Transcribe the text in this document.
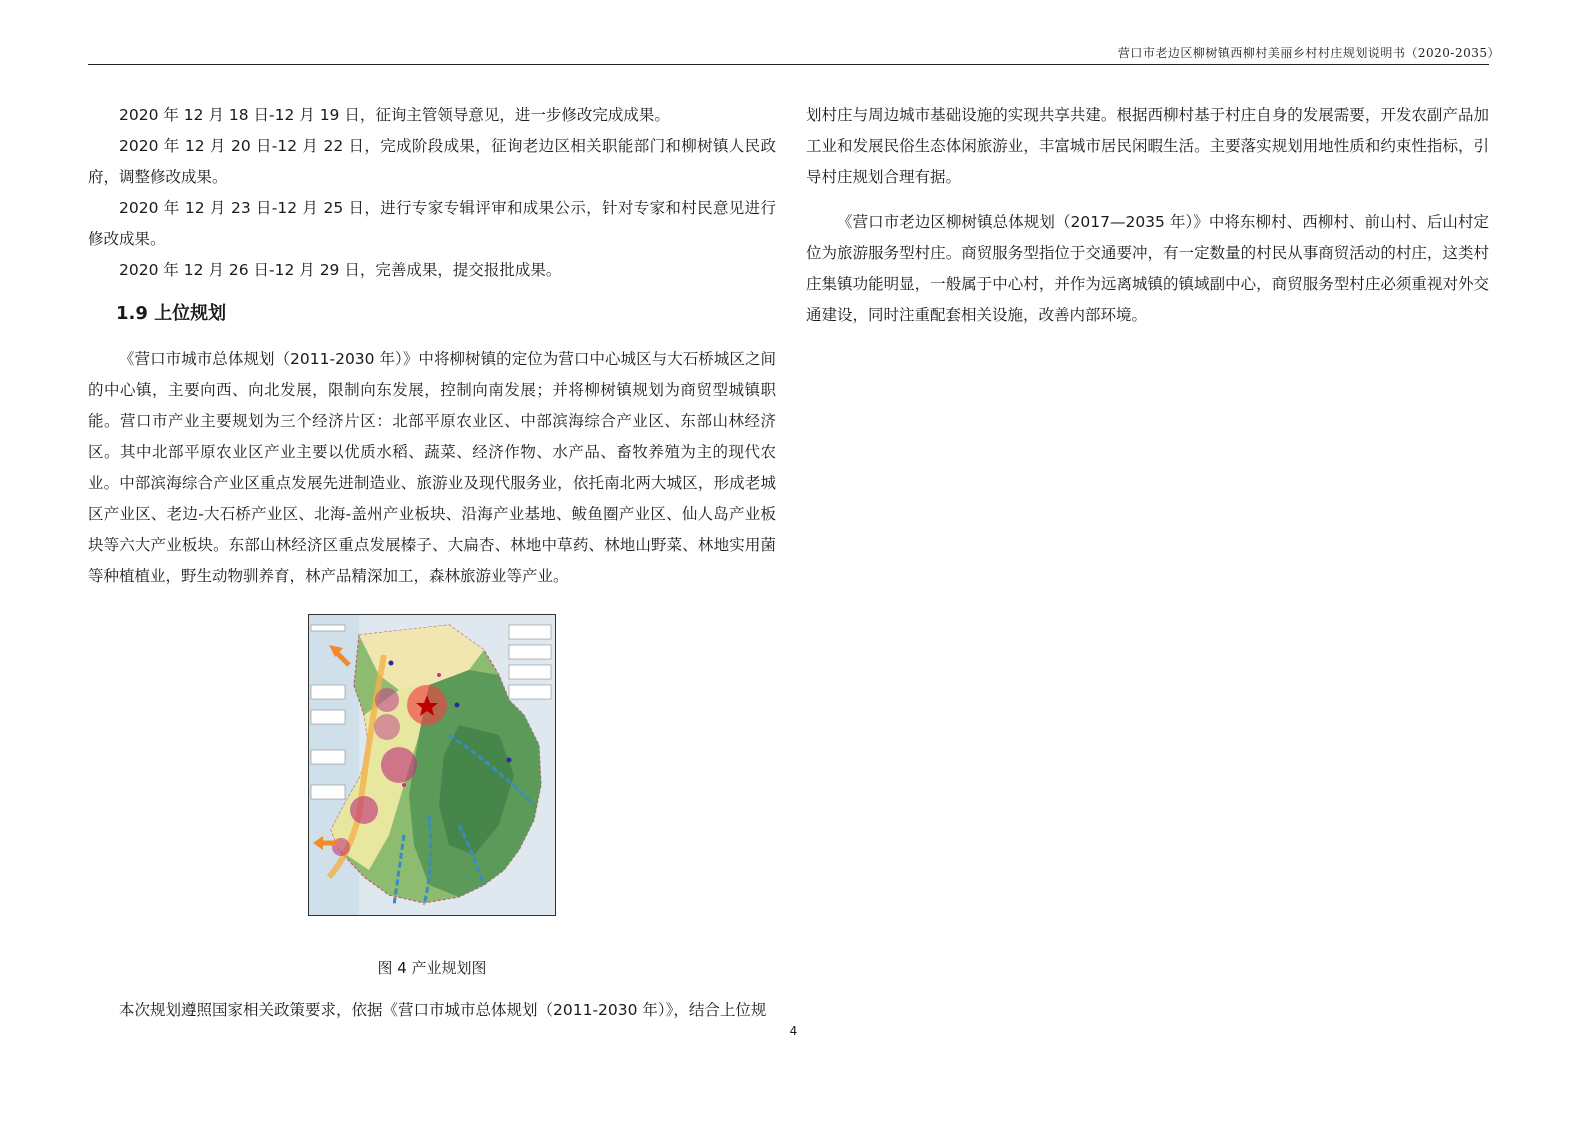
营口市老边区柳树镇西柳村美丽乡村村庄规划说明书（2020-2035）

2020 年 12 月 18 日-12 月 19 日，征询主管领导意见，进一步修改完成成果。

2020 年 12 月 20 日-12 月 22 日，完成阶段成果，征询老边区相关职能部门和柳树镇人民政府，调整修改成果。

2020 年 12 月 23 日-12 月 25 日，进行专家专辑评审和成果公示，针对专家和村民意见进行修改成果。

2020 年 12 月 26 日-12 月 29 日，完善成果，提交报批成果。

1.9 上位规划

《营口市城市总体规划（2011-2030 年）》中将柳树镇的定位为营口中心城区与大石桥城区之间的中心镇，主要向西、向北发展，限制向东发展，控制向南发展；并将柳树镇规划为商贸型城镇职能。营口市产业主要规划为三个经济片区：北部平原农业区、中部滨海综合产业区、东部山林经济区。其中北部平原农业区产业主要以优质水稻、蔬菜、经济作物、水产品、畜牧养殖为主的现代农业。中部滨海综合产业区重点发展先进制造业、旅游业及现代服务业，依托南北两大城区，形成老城区产业区、老边-大石桥产业区、北海-盖州产业板块、沿海产业基地、鲅鱼圈产业区、仙人岛产业板块等六大产业板块。东部山林经济区重点发展榛子、大扁杏、林地中草药、林地山野菜、林地实用菌等种植植业，野生动物驯养育，林产品精深加工，森林旅游业等产业。

图 4 产业规划图

本次规划遵照国家相关政策要求，依据《营口市城市总体规划（2011-2030 年）》，结合上位规

划村庄与周边城市基础设施的实现共享共建。根据西柳村基于村庄自身的发展需要，开发农副产品加工业和发展民俗生态体闲旅游业，丰富城市居民闲暇生活。主要落实规划用地性质和约束性指标，引导村庄规划合理有据。

《营口市老边区柳树镇总体规划（2017—2035 年）》中将东柳村、西柳村、前山村、后山村定位为旅游服务型村庄。商贸服务型指位于交通要冲，有一定数量的村民从事商贸活动的村庄，这类村庄集镇功能明显，一般属于中心村，并作为远离城镇的镇域副中心，商贸服务型村庄必须重视对外交通建设，同时注重配套相关设施，改善内部环境。

4
